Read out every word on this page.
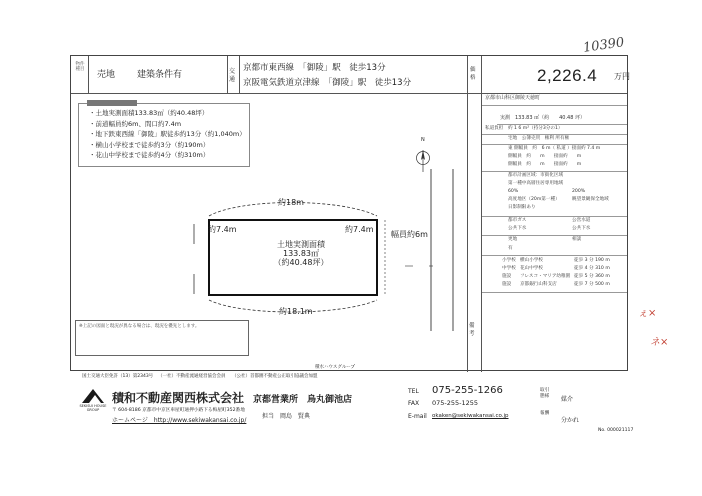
10390
ぇ×
ネ×
物件
種目
売地 建築条件有	交通
京都市東西線　「御陵」駅　徒歩13分
京阪電気鉄道京津線　「御陵」駅　徒歩13分
価格	2,226.4 万円
・土地実測面積133.83㎡（約40.48坪）
・前道幅員約6m、間口約7.4m
・地下鉄東西線「御陵」駅徒歩約13分（約1,040m）
・横山小学校まで徒歩約3分（約190m）
・花山中学校まで徒歩約4分（約310m）
N
約18m
約18.1m
約7.4m	約7.4m
幅員約6m
土地実測面積
133.83㎡
（約40.48坪）
※上記の図面と現況が異なる場合は、現況を優先とします。
京都市山科区御陵天徳町
実測　133.83 ㎡（約　　40.48 坪）
私道負担　約 1 6 m²（持分3分の1）
宅地　公簿売買　権利 所有権
東 側幅員　約　6 m（ 私道 ）接面約 7.4 m
側幅員　約　　m　　接面約　　m
側幅員　約　　m　　接面約　　m
都市計画区域：市街化区域
第一種中高層住居専用地域
60%	200%
高度地区（20m第一種）	眺望景観保全地域
日影制限あり
都市ガス	公営水道
公共下水	公共下水
更地	相談
有
小学校 横山小学校	徒歩 3 分 190 m
中学校 花山中学校	徒歩 4 分 310 m
施設 フレスコ・マリア幼稚園 徒歩 5 分 360 m
施設 京都銀行山科支店	徒歩 7 分 500 m
備考
国土交通大臣免許（13）第2343号 （一社）不動産流通経営協会会員 （公社）首都圏不動産公正取引協議会加盟
積水ハウスグループ
SEKISUI HOUSE GROUP
積和不動産関西株式会社
〒 604-8186 京都市中京区車屋町通押小路下る梅屋町352番地
ホームページ　http://www.sekiwakansai.co.jp/
京都営業所　烏丸御池店
担当　岡島　賢典
TEL 075-255-1266
FAX 075-255-1255
E-mail okaken@sekiwakansai.co.jp
取引態様	媒介
報酬
分かれ
No. 000021117
